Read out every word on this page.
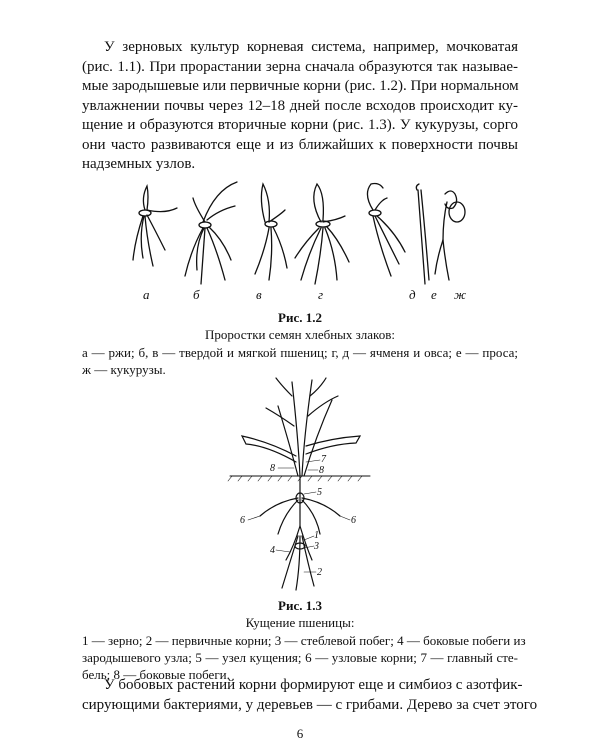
У зерновых культур корневая система, например, мочковатая
(рис. 1.1). При прорастании зерна сначала образуются так называе-
мые зародышевые или первичные корни (рис. 1.2). При нормальном
увлажнении почвы через 12–18 дней после всходов происходит ку-
щение и образуются вторичные корни (рис. 1.3). У кукурузы, сорго
они часто развиваются еще и из ближайших к поверхности почвы
надземных узлов.

а	б	в	г	д е ж
Рис. 1.2
Проростки семян хлебных злаков:
а — ржи; б, в — твердой и мягкой пшениц; г, д — ячменя и овса; е — проса;
ж — кукурузы.
1
2
3
4
5
6	6
7
8	8
Рис. 1.3
Кущение пшеницы:
1 — зерно; 2 — первичные корни; 3 — стеблевой побег; 4 — боковые побеги из
зародышевого узла; 5 — узел кущения; 6 — узловые корни; 7 — главный сте-
бель; 8 — боковые побеги.

У бобовых растений корни формируют еще и симбиоз с азотфик-
сирующими бактериями, у деревьев — с грибами. Дерево за счет этого

6
